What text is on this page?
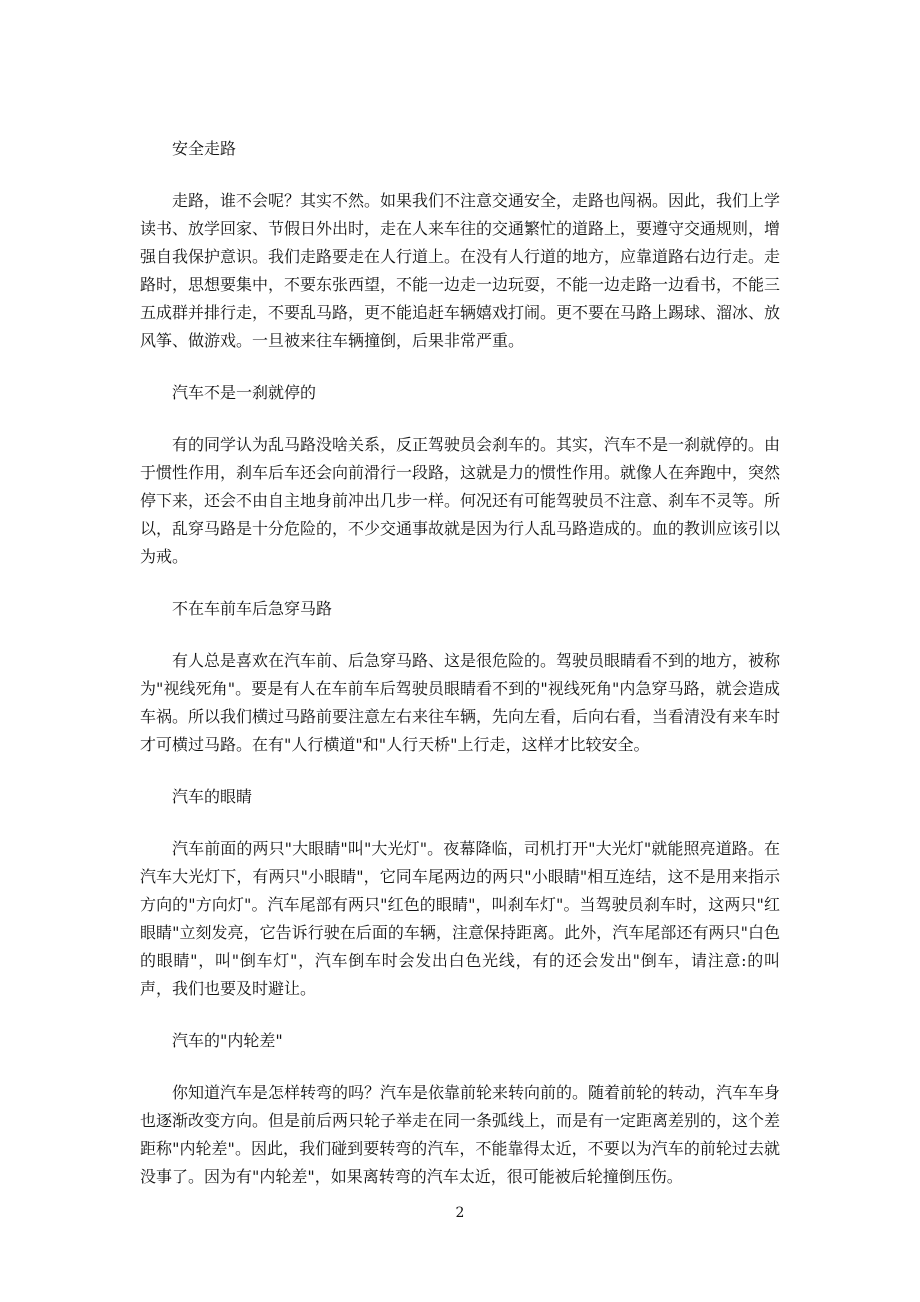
安全走路

走路，谁不会呢？其实不然。如果我们不注意交通安全，走路也闯祸。因此，我们上学读书、放学回家、节假日外出时，走在人来车往的交通繁忙的道路上，要遵守交通规则，增强自我保护意识。我们走路要走在人行道上。在没有人行道的地方，应靠道路右边行走。走路时，思想要集中，不要东张西望，不能一边走一边玩耍，不能一边走路一边看书，不能三五成群并排行走，不要乱马路，更不能追赶车辆嬉戏打闹。更不要在马路上踢球、溜冰、放风筝、做游戏。一旦被来往车辆撞倒，后果非常严重。

汽车不是一刹就停的

有的同学认为乱马路没啥关系，反正驾驶员会刹车的。其实，汽车不是一刹就停的。由于惯性作用，刹车后车还会向前滑行一段路，这就是力的惯性作用。就像人在奔跑中，突然停下来，还会不由自主地身前冲出几步一样。何况还有可能驾驶员不注意、刹车不灵等。所以，乱穿马路是十分危险的，不少交通事故就是因为行人乱马路造成的。血的教训应该引以为戒。

不在车前车后急穿马路

有人总是喜欢在汽车前、后急穿马路、这是很危险的。驾驶员眼睛看不到的地方，被称为"视线死角"。要是有人在车前车后驾驶员眼睛看不到的"视线死角"内急穿马路，就会造成车祸。所以我们横过马路前要注意左右来往车辆，先向左看，后向右看，当看清没有来车时才可横过马路。在有"人行横道"和"人行天桥"上行走，这样才比较安全。

汽车的眼睛

汽车前面的两只"大眼睛"叫"大光灯"。夜幕降临，司机打开"大光灯"就能照亮道路。在汽车大光灯下，有两只"小眼睛"，它同车尾两边的两只"小眼睛"相互连结，这不是用来指示方向的"方向灯"。汽车尾部有两只"红色的眼睛"，叫刹车灯"。当驾驶员刹车时，这两只"红眼睛"立刻发亮，它告诉行驶在后面的车辆，注意保持距离。此外，汽车尾部还有两只"白色的眼睛"，叫"倒车灯"，汽车倒车时会发出白色光线，有的还会发出"倒车，请注意:的叫声，我们也要及时避让。

汽车的"内轮差"

你知道汽车是怎样转弯的吗？汽车是依靠前轮来转向前的。随着前轮的转动，汽车车身也逐渐改变方向。但是前后两只轮子举走在同一条弧线上，而是有一定距离差别的，这个差距称"内轮差"。因此，我们碰到要转弯的汽车，不能靠得太近，不要以为汽车的前轮过去就没事了。因为有"内轮差"，如果离转弯的汽车太近，很可能被后轮撞倒压伤。

2
